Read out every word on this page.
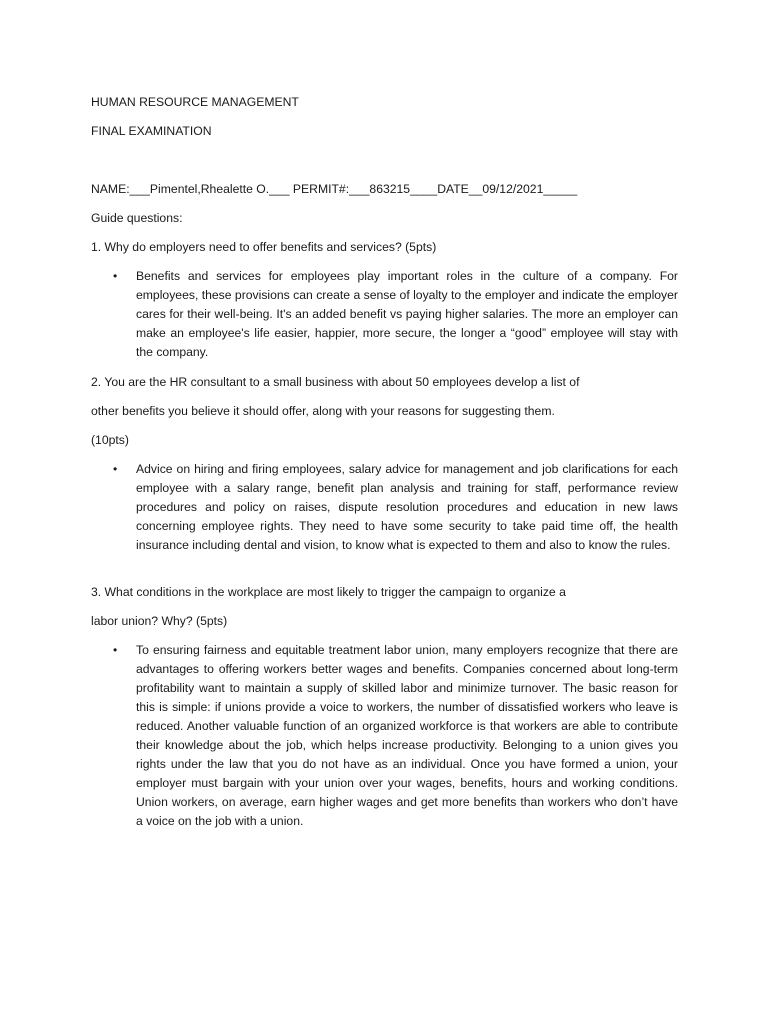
HUMAN RESOURCE MANAGEMENT

FINAL EXAMINATION

NAME:___Pimentel,Rhealette O.___ PERMIT#:___863215____DATE__09/12/2021_____

Guide questions:

1. Why do employers need to offer benefits and services? (5pts)

• Benefits and services for employees play important roles in the culture of a company. For employees, these provisions can create a sense of loyalty to the employer and indicate the employer cares for their well-being. It's an added benefit vs paying higher salaries. The more an employer can make an employee's life easier, happier, more secure, the longer a “good” employee will stay with the company.

2. You are the HR consultant to a small business with about 50 employees develop a list of

other benefits you believe it should offer, along with your reasons for suggesting them.

(10pts)

• Advice on hiring and firing employees, salary advice for management and job clarifications for each employee with a salary range, benefit plan analysis and training for staff, performance review procedures and policy on raises, dispute resolution procedures and education in new laws concerning employee rights. They need to have some security to take paid time off, the health insurance including dental and vision, to know what is expected to them and also to know the rules.

3. What conditions in the workplace are most likely to trigger the campaign to organize a

labor union? Why? (5pts)

• To ensuring fairness and equitable treatment labor union, many employers recognize that there are advantages to offering workers better wages and benefits. Companies concerned about long-term profitability want to maintain a supply of skilled labor and minimize turnover. The basic reason for this is simple: if unions provide a voice to workers, the number of dissatisfied workers who leave is reduced. Another valuable function of an organized workforce is that workers are able to contribute their knowledge about the job, which helps increase productivity. Belonging to a union gives you rights under the law that you do not have as an individual. Once you have formed a union, your employer must bargain with your union over your wages, benefits, hours and working conditions. Union workers, on average, earn higher wages and get more benefits than workers who don’t have a voice on the job with a union.
